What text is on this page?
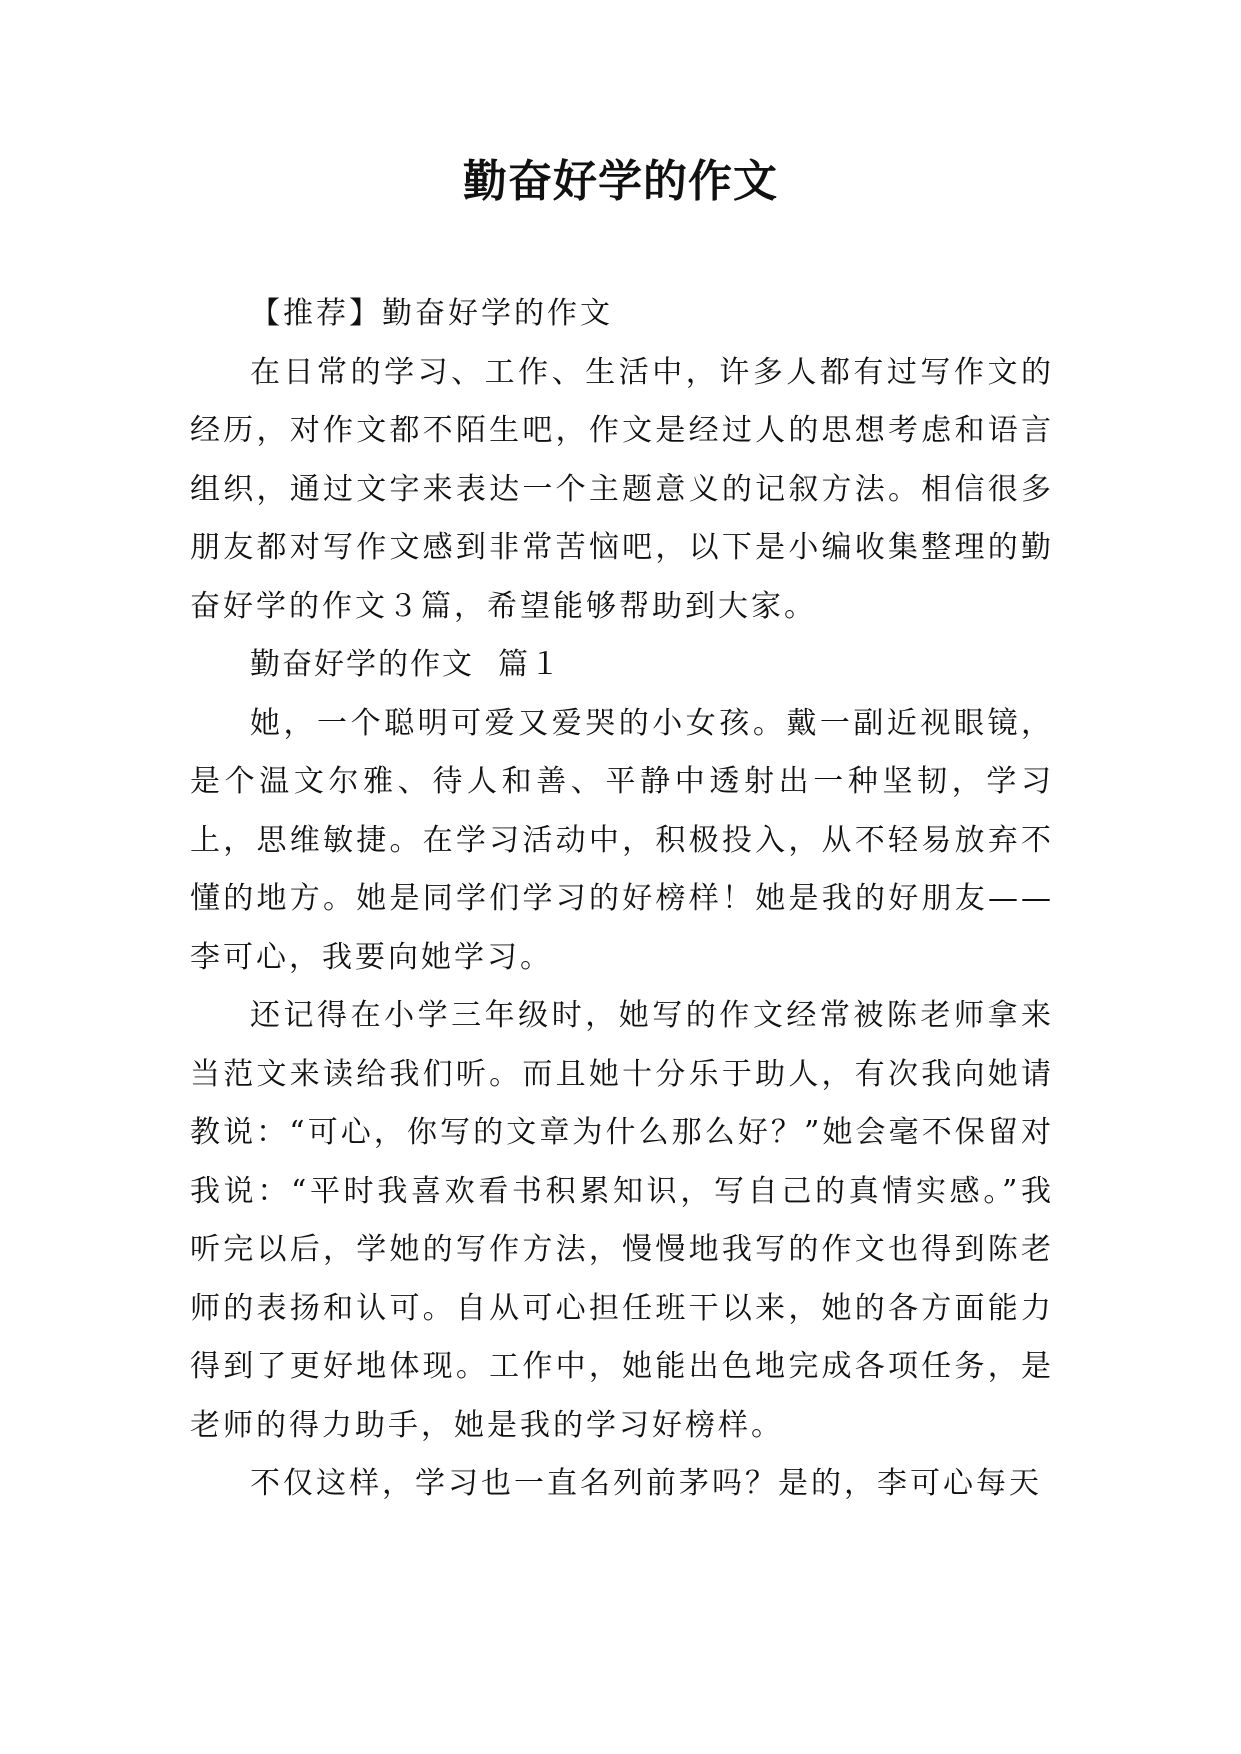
勤奋好学的作文

【推荐】勤奋好学的作文

在日常的学习、工作、生活中，许多人都有过写作文的经历，对作文都不陌生吧，作文是经过人的思想考虑和语言组织，通过文字来表达一个主题意义的记叙方法。相信很多朋友都对写作文感到非常苦恼吧，以下是小编收集整理的勤奋好学的作文３篇，希望能够帮助到大家。

勤奋好学的作文 篇１

她，一个聪明可爱又爱哭的小女孩。戴一副近视眼镜，是个温文尔雅、待人和善、平静中透射出一种坚韧，学习上，思维敏捷。在学习活动中，积极投入，从不轻易放弃不懂的地方。她是同学们学习的好榜样！她是我的好朋友——李可心，我要向她学习。

还记得在小学三年级时，她写的作文经常被陈老师拿来当范文来读给我们听。而且她十分乐于助人，有次我向她请教说：“可心，你写的文章为什么那么好？”她会毫不保留对我说：“平时我喜欢看书积累知识，写自己的真情实感。”我听完以后，学她的写作方法，慢慢地我写的作文也得到陈老师的表扬和认可。自从可心担任班干以来，她的各方面能力得到了更好地体现。工作中，她能出色地完成各项任务，是老师的得力助手，她是我的学习好榜样。

不仅这样，学习也一直名列前茅吗？是的，李可心每天
